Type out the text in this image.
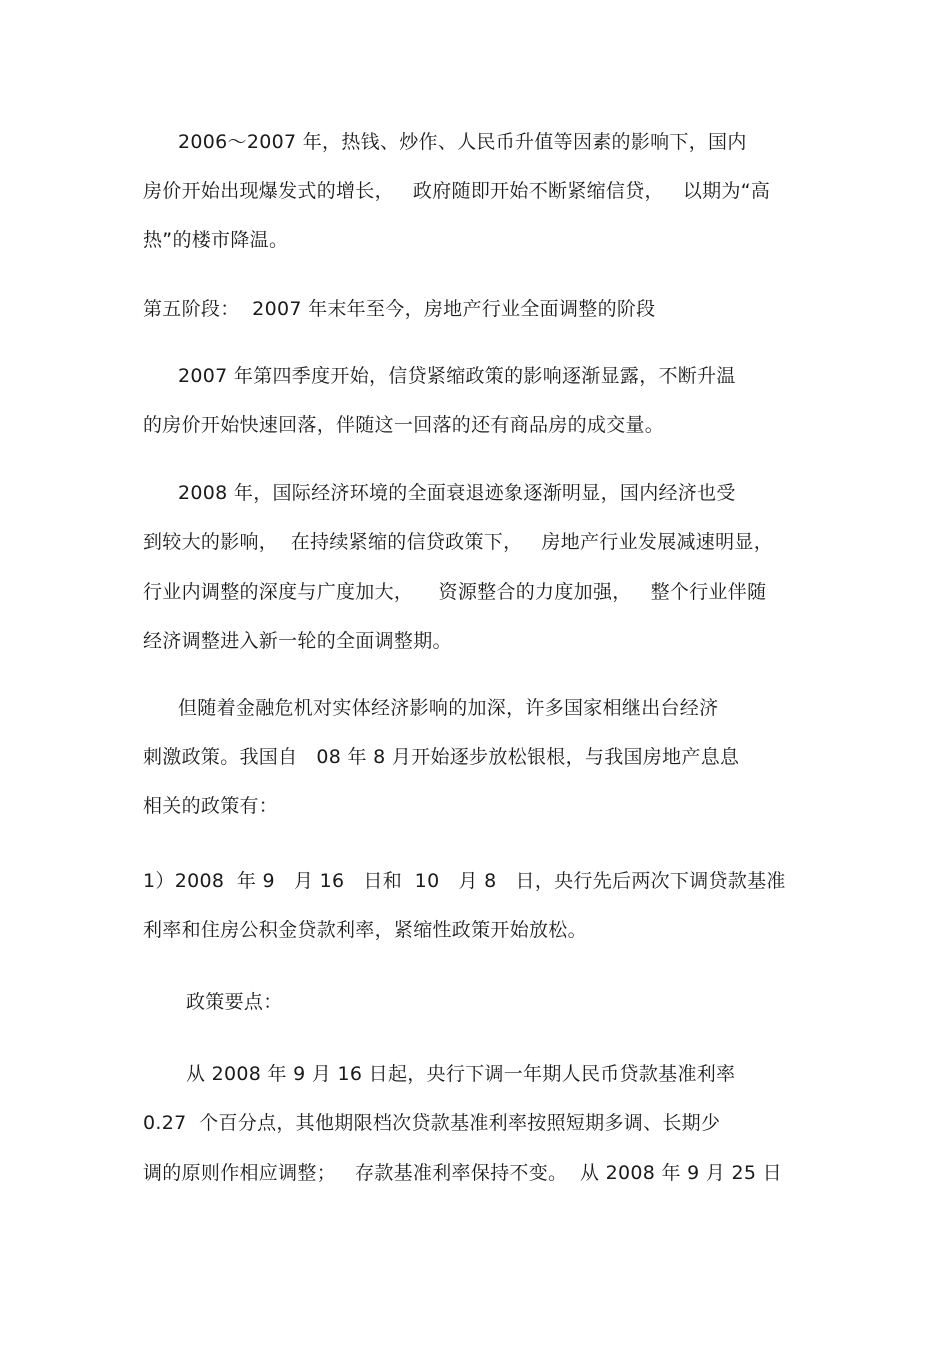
2006～2007 年，热钱、炒作、人民币升值等因素的影响下，国内
房价开始出现爆发式的增长，   政府随即开始不断紧缩信贷，   以期为“高
热”的楼市降温。
第五阶段：  2007 年末年至今，房地产行业全面调整的阶段
2007 年第四季度开始，信贷紧缩政策的影响逐渐显露，不断升温
的房价开始快速回落，伴随这一回落的还有商品房的成交量。
2008 年，国际经济环境的全面衰退迹象逐渐明显，国内经济也受
到较大的影响，  在持续紧缩的信贷政策下，   房地产行业发展减速明显，
行业内调整的深度与广度加大，    资源整合的力度加强，   整个行业伴随
经济调整进入新一轮的全面调整期。
但随着金融危机对实体经济影响的加深，许多国家相继出台经济
刺激政策。我国自   08 年 8 月开始逐步放松银根，与我国房地产息息
相关的政策有：
1）2008  年 9   月 16   日和  10   月 8   日，央行先后两次下调贷款基准
利率和住房公积金贷款利率，紧缩性政策开始放松。
政策要点：
从 2008 年 9 月 16 日起，央行下调一年期人民币贷款基准利率
0.27  个百分点，其他期限档次贷款基准利率按照短期多调、长期少
调的原则作相应调整；   存款基准利率保持不变。  从 2008 年 9 月 25 日
